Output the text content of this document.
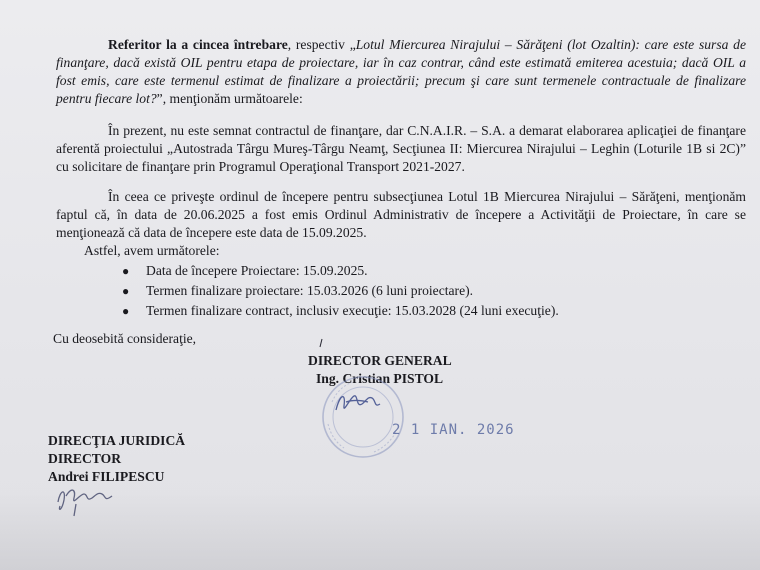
Referitor la a cincea întrebare, respectiv „Lotul Miercurea Nirajului – Sărăţeni (lot Ozaltin): care este sursa de finanţare, dacă există OIL pentru etapa de proiectare, iar în caz contrar, când este estimată emiterea acestuia; dacă OIL a fost emis, care este termenul estimat de finalizare a proiectării; precum şi care sunt termenele contractuale de finalizare pentru fiecare lot?”, menţionăm următoarele:

În prezent, nu este semnat contractul de finanţare, dar C.N.A.I.R. – S.A. a demarat elaborarea aplicaţiei de finanţare aferentă proiectului „Autostrada Târgu Mureş-Târgu Neamţ, Secţiunea II: Miercurea Nirajului – Leghin (Loturile 1B si 2C)” cu solicitare de finanţare prin Programul Operaţional Transport 2021-2027.

În ceea ce priveşte ordinul de începere pentru subsecţiunea Lotul 1B Miercurea Nirajului – Sărăţeni, menţionăm faptul că, în data de 20.06.2025 a fost emis Ordinul Administrativ de începere a Activităţii de Proiectare, în care se menţionează că data de începere este data de 15.09.2025.

Astfel, avem următorele:

● Data de începere Proiectare: 15.09.2025.
● Termen finalizare proiectare: 15.03.2026 (6 luni proiectare).
● Termen finalizare contract, inclusiv execuţie: 15.03.2028 (24 luni execuţie).

Cu deosebită consideraţie,

DIRECTOR GENERAL
Ing. Cristian PISTOL
2 1 IAN. 2026
DIRECŢIA JURIDICĂ
DIRECTOR
Andrei FILIPESCU
